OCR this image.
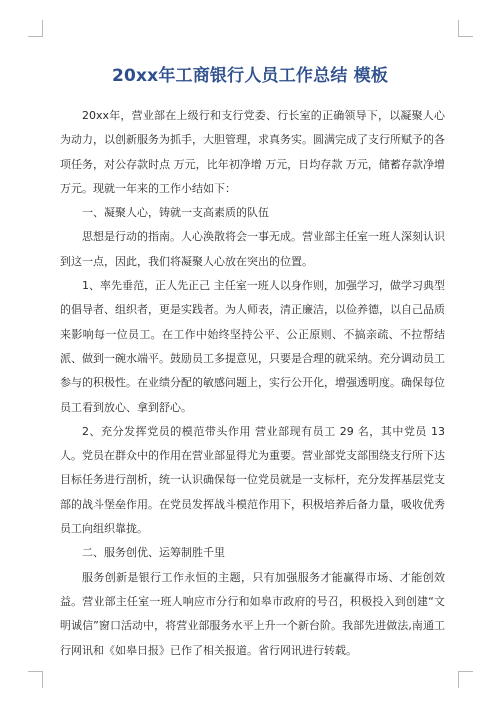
20xx年工商银行人员工作总结 模板

20xx年，营业部在上级行和支行党委、行长室的正确领导下，以凝聚人心为动力，以创新服务为抓手，大胆管理，求真务实。圆满完成了支行所赋予的各项任务，对公存款时点 万元，比年初净增 万元，日均存款 万元，储蓄存款净增 万元。现就一年来的工作小结如下：

一、凝聚人心，铸就一支高素质的队伍

思想是行动的指南。人心涣散将会一事无成。营业部主任室一班人深刻认识到这一点，因此，我们将凝聚人心放在突出的位置。

1、率先垂范，正人先正己 主任室一班人以身作则，加强学习，做学习典型的倡导者、组织者，更是实践者。为人师表，清正廉洁，以俭养德，以自己品质来影响每一位员工。在工作中始终坚持公平、公正原则、不搞亲疏、不拉帮结派、做到一碗水端平。鼓励员工多提意见，只要是合理的就采纳。充分调动员工参与的积极性。在业绩分配的敏感问题上，实行公开化，增强透明度。确保每位员工看到放心、拿到舒心。

2、充分发挥党员的模范带头作用 营业部现有员工 29 名，其中党员 13 人。党员在群众中的作用在营业部显得尤为重要。营业部党支部围绕支行所下达目标任务进行剖析，统一认识确保每一位党员就是一支标杆，充分发挥基层党支部的战斗堡垒作用。在党员发挥战斗模范作用下，积极培养后备力量，吸收优秀员工向组织靠拢。

二、服务创优、运筹制胜千里

服务创新是银行工作永恒的主题，只有加强服务才能赢得市场、才能创效益。营业部主任室一班人响应市分行和如皋市政府的号召，积极投入到创建“文明诚信”窗口活动中，将营业部服务水平上升一个新台阶。我部先进做法,南通工行网讯和《如皋日报》已作了相关报道。省行网讯进行转载。
